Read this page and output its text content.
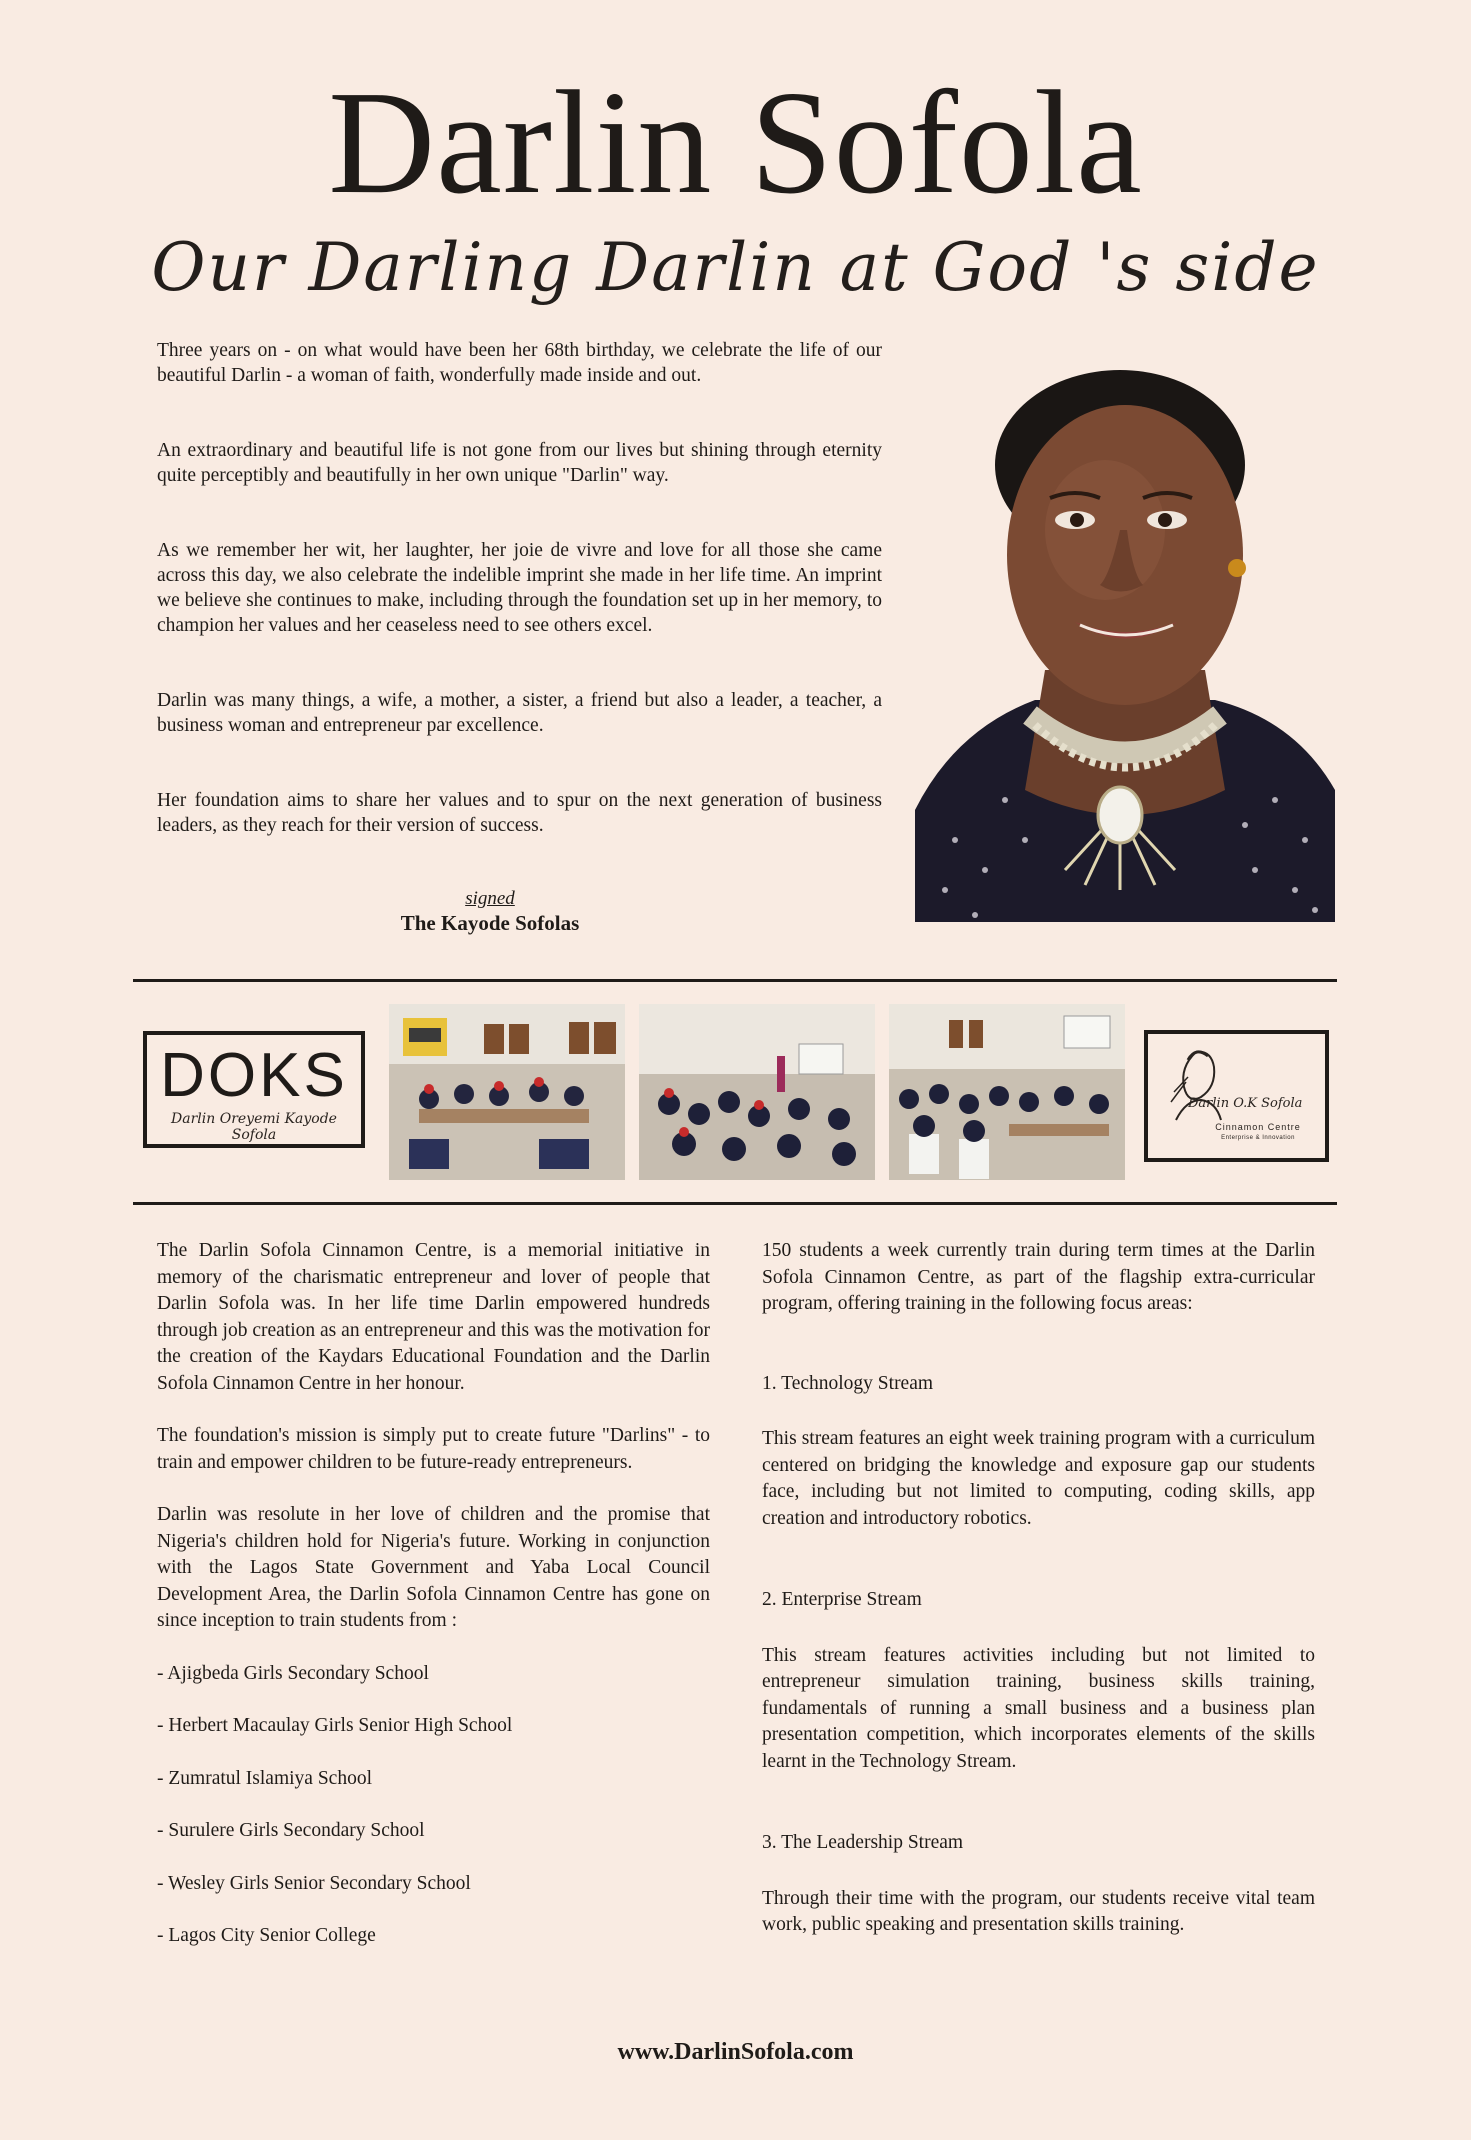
Darlin Sofola
Our Darling Darlin at God 's side

Three years on - on what would have been her 68th birthday, we celebrate the life of our beautiful Darlin - a woman of faith, wonderfully made inside and out.

An extraordinary and beautiful life is not gone from our lives but shining through eternity quite perceptibly and beautifully in her own unique "Darlin" way.

As we remember her wit, her laughter, her joie de vivre and love for all those she came across this day, we also celebrate the indelible imprint she made in her life time. An imprint we believe she continues to make, including through the foundation set up in her memory, to champion her values and her ceaseless need to see others excel.

Darlin was many things, a wife, a mother, a sister, a friend but also a leader, a teacher, a business woman and entrepreneur par excellence.

Her foundation aims to share her values and to spur on the next generation of business leaders, as they reach for their version of success.

signed
The Kayode Sofolas
DOKS
Darlin Oreyemi Kayode Sofola
Darlin O.K Sofola
Cinnamon Centre
Enterprise & Innovation

The Darlin Sofola Cinnamon Centre, is a memorial initiative in memory of the charismatic entrepreneur and lover of people that Darlin Sofola was. In her life time Darlin empowered hundreds through job creation as an entrepreneur and this was the motivation for the creation of the Kaydars Educational Foundation and the Darlin Sofola Cinnamon Centre in her honour.

The foundation's mission is simply put to create future "Darlins" - to train and empower children to be future-ready entrepreneurs.

Darlin was resolute in her love of children and the promise that Nigeria's children hold for Nigeria's future. Working in conjunction with the Lagos State Government and Yaba Local Council Development Area, the Darlin Sofola Cinnamon Centre has gone on since inception to train students from :

- Ajigbeda Girls Secondary School

- Herbert Macaulay Girls Senior High School

- Zumratul Islamiya School

- Surulere Girls Secondary School

- Wesley Girls Senior Secondary School

- Lagos City Senior College

150 students a week currently train during term times at the Darlin Sofola Cinnamon Centre, as part of the flagship extra-curricular program, offering training in the following focus areas:

1. Technology Stream

This stream features an eight week training program with a curriculum centered on bridging the knowledge and exposure gap our students face, including but not limited to computing, coding skills, app creation and introductory robotics.

2. Enterprise Stream

This stream features activities including but not limited to entrepreneur simulation training, business skills training, fundamentals of running a small business and a business plan presentation competition, which incorporates elements of the skills learnt in the Technology Stream.

3. The Leadership Stream

Through their time with the program, our students receive vital team work, public speaking and presentation skills training.

www.DarlinSofola.com
